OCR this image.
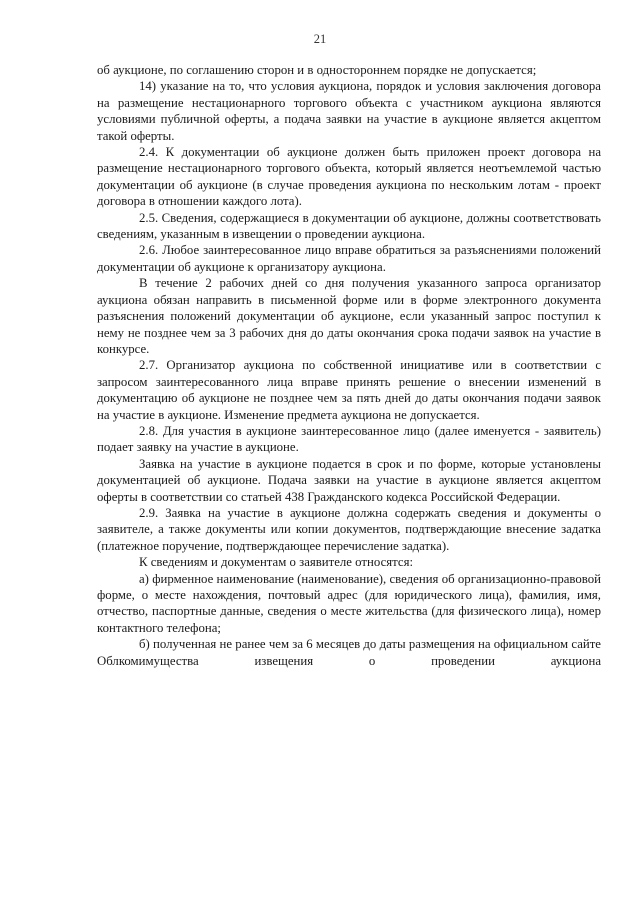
21

об аукционе, по соглашению сторон и в одностороннем порядке не допускается;

14) указание на то, что условия аукциона, порядок и условия заключения договора на размещение нестационарного торгового объекта с участником аукциона являются условиями публичной оферты, а подача заявки на участие в аукционе является акцептом такой оферты.

2.4. К документации об аукционе должен быть приложен проект договора на размещение нестационарного торгового объекта, который является неотъемлемой частью документации об аукционе (в случае проведения аукциона по нескольким лотам - проект договора в отношении каждого лота).

2.5. Сведения, содержащиеся в документации об аукционе, должны соответствовать сведениям, указанным в извещении о проведении аукциона.

2.6. Любое заинтересованное лицо вправе обратиться за разъяснениями положений документации об аукционе к организатору аукциона.

В течение 2 рабочих дней со дня получения указанного запроса организатор аукциона обязан направить в письменной форме или в форме электронного документа разъяснения положений документации об аукционе, если указанный запрос поступил к нему не позднее чем за 3 рабочих дня до даты окончания срока подачи заявок на участие в конкурсе.

2.7. Организатор аукциона по собственной инициативе или в соответствии с запросом заинтересованного лица вправе принять решение о внесении изменений в документацию об аукционе не позднее чем за пять дней до даты окончания подачи заявок на участие в аукционе. Изменение предмета аукциона не допускается.

2.8. Для участия в аукционе заинтересованное лицо (далее именуется - заявитель) подает заявку на участие в аукционе.

Заявка на участие в аукционе подается в срок и по форме, которые установлены документацией об аукционе. Подача заявки на участие в аукционе является акцептом оферты в соответствии со статьей 438 Гражданского кодекса Российской Федерации.

2.9. Заявка на участие в аукционе должна содержать сведения и документы о заявителе, а также документы или копии документов, подтверждающие внесение задатка (платежное поручение, подтверждающее перечисление задатка).

К сведениям и документам о заявителе относятся:

а) фирменное наименование (наименование), сведения об организационно-правовой форме, о месте нахождения, почтовый адрес (для юридического лица), фамилия, имя, отчество, паспортные данные, сведения о месте жительства (для физического лица), номер контактного телефона;

б) полученная не ранее чем за 6 месяцев до даты размещения на официальном сайте Облкомимущества извещения о проведении аукциона
